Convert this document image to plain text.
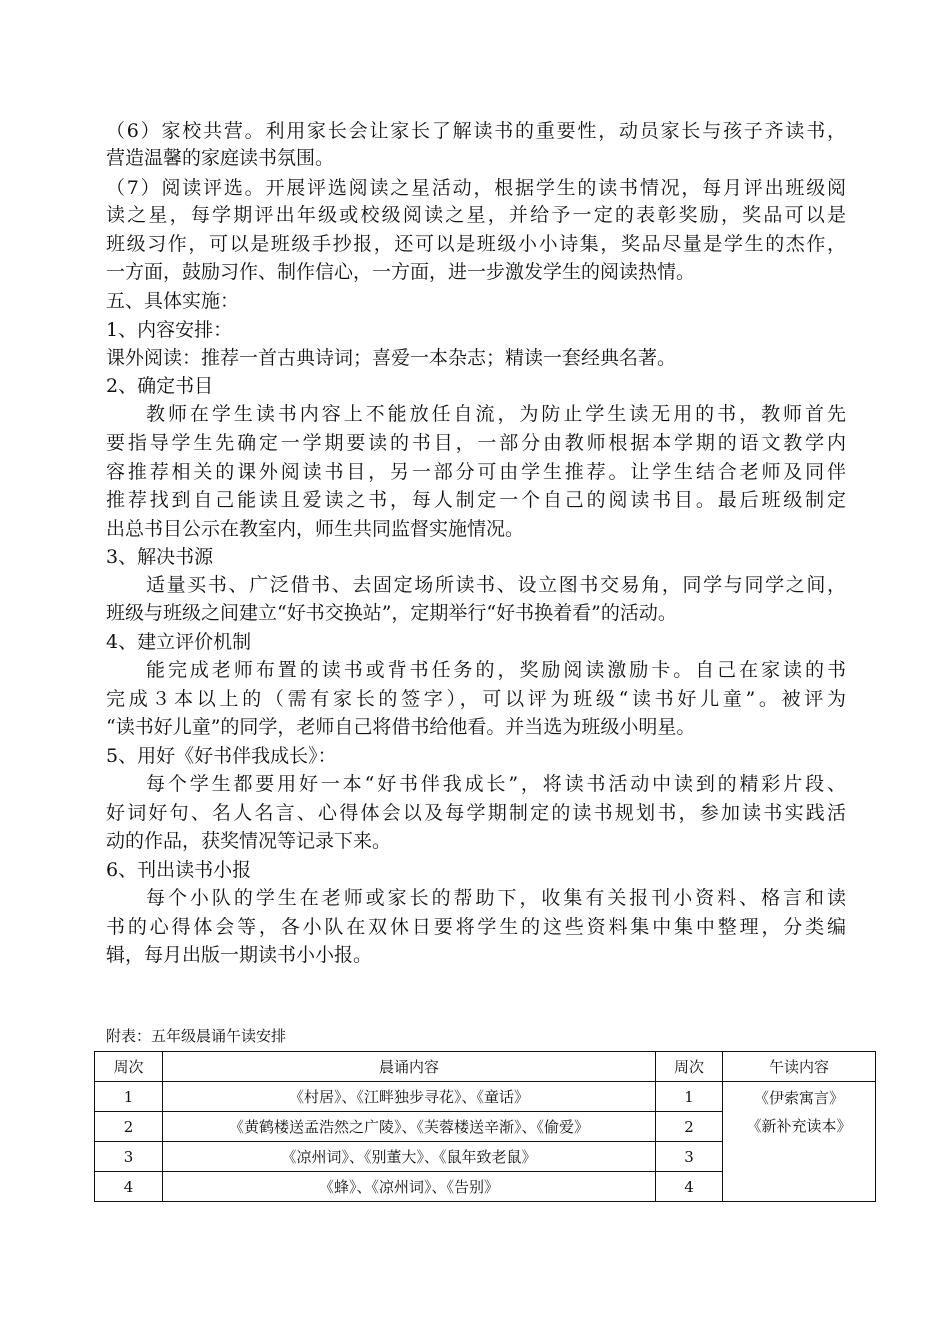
（6）家校共营。利用家长会让家长了解读书的重要性，动员家长与孩子齐读书，
营造温馨的家庭读书氛围。
（7）阅读评选。开展评选阅读之星活动，根据学生的读书情况，每月评出班级阅
读之星，每学期评出年级或校级阅读之星，并给予一定的表彰奖励，奖品可以是
班级习作，可以是班级手抄报，还可以是班级小小诗集，奖品尽量是学生的杰作，
一方面，鼓励习作、制作信心，一方面，进一步激发学生的阅读热情。
五、具体实施：
1、内容安排：
课外阅读：推荐一首古典诗词；喜爱一本杂志；精读一套经典名著。
2、确定书目
教师在学生读书内容上不能放任自流，为防止学生读无用的书，教师首先
要指导学生先确定一学期要读的书目，一部分由教师根据本学期的语文教学内
容推荐相关的课外阅读书目，另一部分可由学生推荐。让学生结合老师及同伴
推荐找到自己能读且爱读之书，每人制定一个自己的阅读书目。最后班级制定
出总书目公示在教室内，师生共同监督实施情况。
3、解决书源
适量买书、广泛借书、去固定场所读书、设立图书交易角，同学与同学之间，
班级与班级之间建立“好书交换站”，定期举行“好书换着看”的活动。
4、建立评价机制
能完成老师布置的读书或背书任务的，奖励阅读激励卡。自己在家读的书
完成３本以上的（需有家长的签字），可以评为班级“读书好儿童”。被评为
“读书好儿童”的同学，老师自己将借书给他看。并当选为班级小明星。
5、用好《好书伴我成长》：
每个学生都要用好一本“好书伴我成长”，将读书活动中读到的精彩片段、
好词好句、名人名言、心得体会以及每学期制定的读书规划书，参加读书实践活
动的作品，获奖情况等记录下来。
6、刊出读书小报
每个小队的学生在老师或家长的帮助下，收集有关报刊小资料、格言和读
书的心得体会等，各小队在双休日要将学生的这些资料集中集中整理，分类编
辑，每月出版一期读书小小报。
附表：五年级晨诵午读安排
周次	晨诵内容	周次	午读内容
1	《村居》、《江畔独步寻花》、《童话》	1	《伊索寓言》
《新补充读本》

2	《黄鹤楼送孟浩然之广陵》、《芙蓉楼送辛渐》、《偷爱》	2	
3	《凉州词》、《别董大》、《鼠年致老鼠》	3	
4	《蜂》、《凉州词》、《告别》	4	
